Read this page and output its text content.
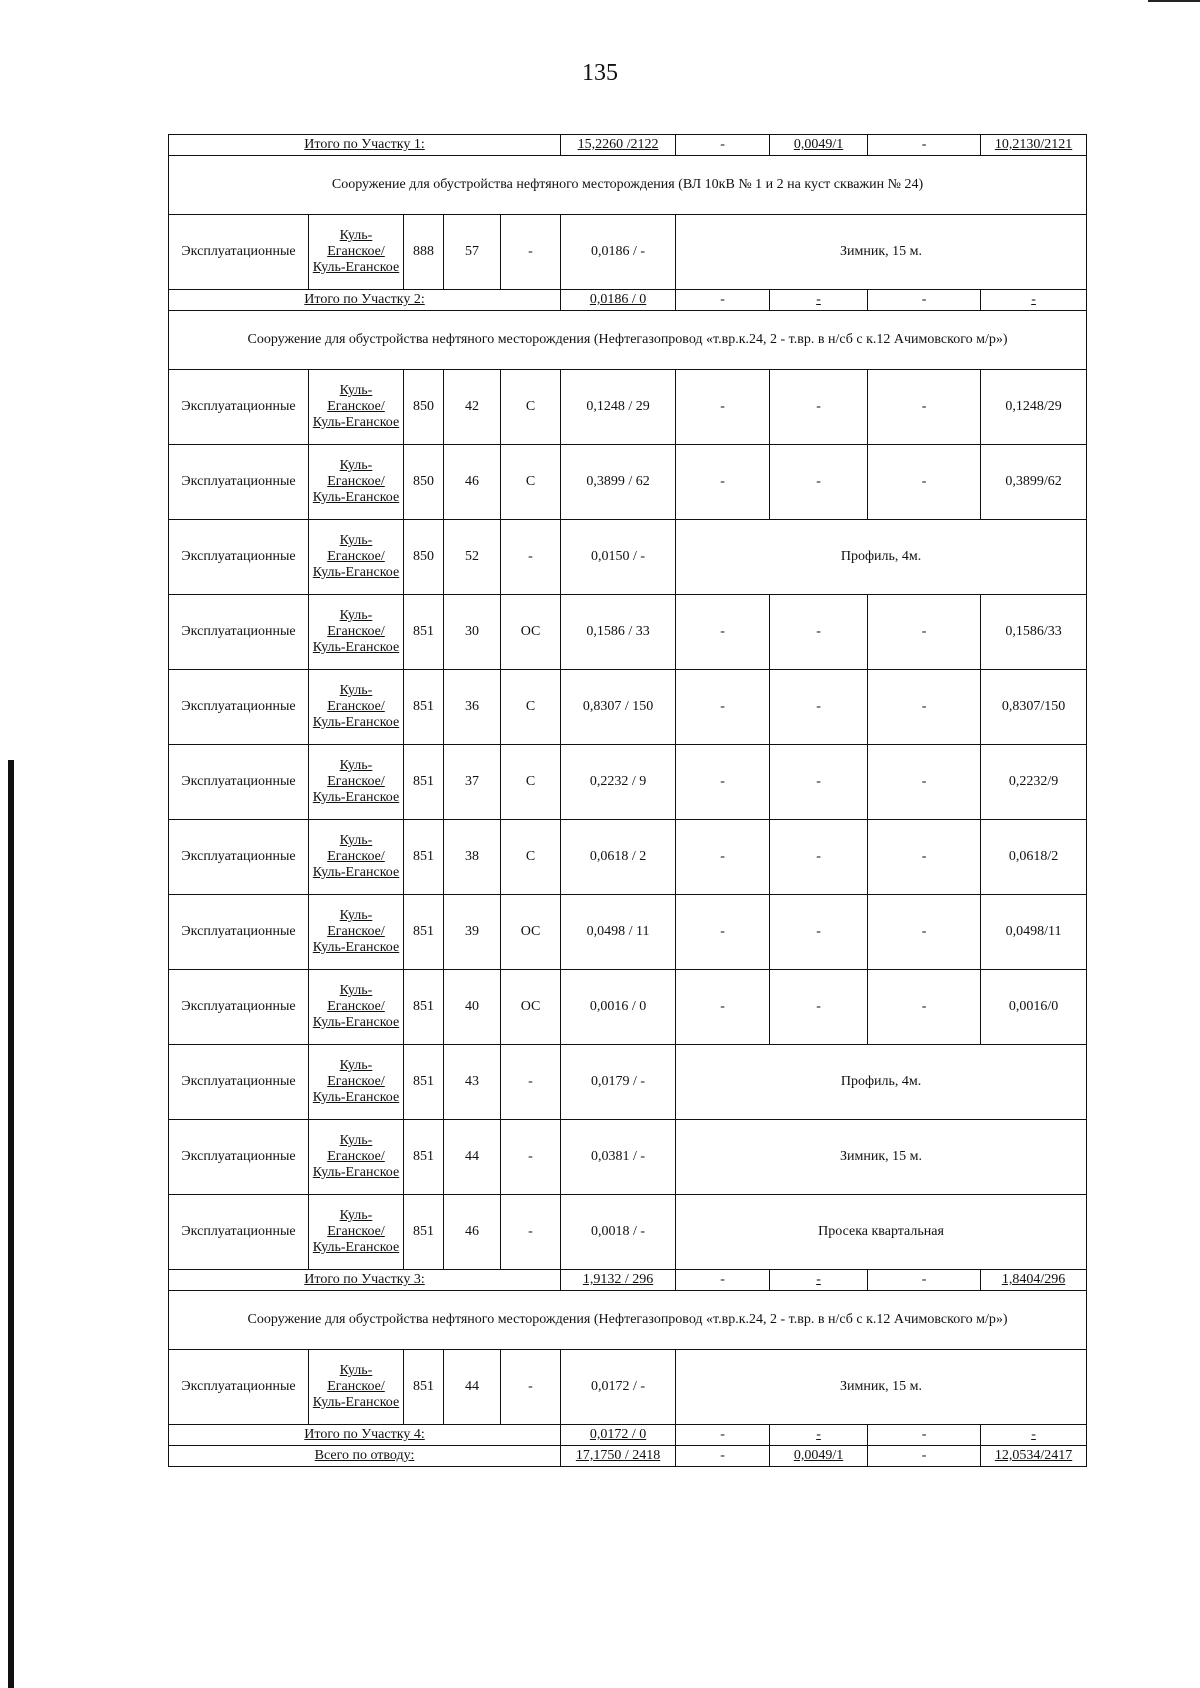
135
Итого по Участку 1:					15,2260 /2122	-	0,0049/1	-	10,2130/2121
Сооружение для обустройства нефтяного месторождения (ВЛ 10кВ № 1 и 2 на куст скважин № 24)									
Эксплуатационные	Куль-Еганское/ Куль-Еганское	888	57	-	0,0186 / -	Зимник, 15 м.			
Итого по Участку 2:					0,0186 / 0	-	-	-	-
Сооружение для обустройства нефтяного месторождения (Нефтегазопровод «т.вр.к.24, 2 - т.вр. в н/сб с к.12 Ачимовского м/р»)									
Эксплуатационные	Куль-Еганское/ Куль-Еганское	850	42	С	0,1248 / 29	-	-	-	0,1248/29
Эксплуатационные	Куль-Еганское/ Куль-Еганское	850	46	С	0,3899 / 62	-	-	-	0,3899/62
Эксплуатационные	Куль-Еганское/ Куль-Еганское	850	52	-	0,0150 / -	Профиль, 4м.			
Эксплуатационные	Куль-Еганское/ Куль-Еганское	851	30	ОС	0,1586 / 33	-	-	-	0,1586/33
Эксплуатационные	Куль-Еганское/ Куль-Еганское	851	36	С	0,8307 / 150	-	-	-	0,8307/150
Эксплуатационные	Куль-Еганское/ Куль-Еганское	851	37	С	0,2232 / 9	-	-	-	0,2232/9
Эксплуатационные	Куль-Еганское/ Куль-Еганское	851	38	С	0,0618 / 2	-	-	-	0,0618/2
Эксплуатационные	Куль-Еганское/ Куль-Еганское	851	39	ОС	0,0498 / 11	-	-	-	0,0498/11
Эксплуатационные	Куль-Еганское/ Куль-Еганское	851	40	ОС	0,0016 / 0	-	-	-	0,0016/0
Эксплуатационные	Куль-Еганское/ Куль-Еганское	851	43	-	0,0179 / -	Профиль, 4м.			
Эксплуатационные	Куль-Еганское/ Куль-Еганское	851	44	-	0,0381 / -	Зимник, 15 м.			
Эксплуатационные	Куль-Еганское/ Куль-Еганское	851	46	-	0,0018 / -	Просека квартальная			
Итого по Участку 3:					1,9132 / 296	-	-	-	1,8404/296
Сооружение для обустройства нефтяного месторождения (Нефтегазопровод «т.вр.к.24, 2 - т.вр. в н/сб с к.12 Ачимовского м/р»)									
Эксплуатационные	Куль-Еганское/ Куль-Еганское	851	44	-	0,0172 / -	Зимник, 15 м.			
Итого по Участку 4:					0,0172 / 0	-	-	-	-
Всего по отводу:					17,1750 / 2418	-	0,0049/1	-	12,0534/2417
